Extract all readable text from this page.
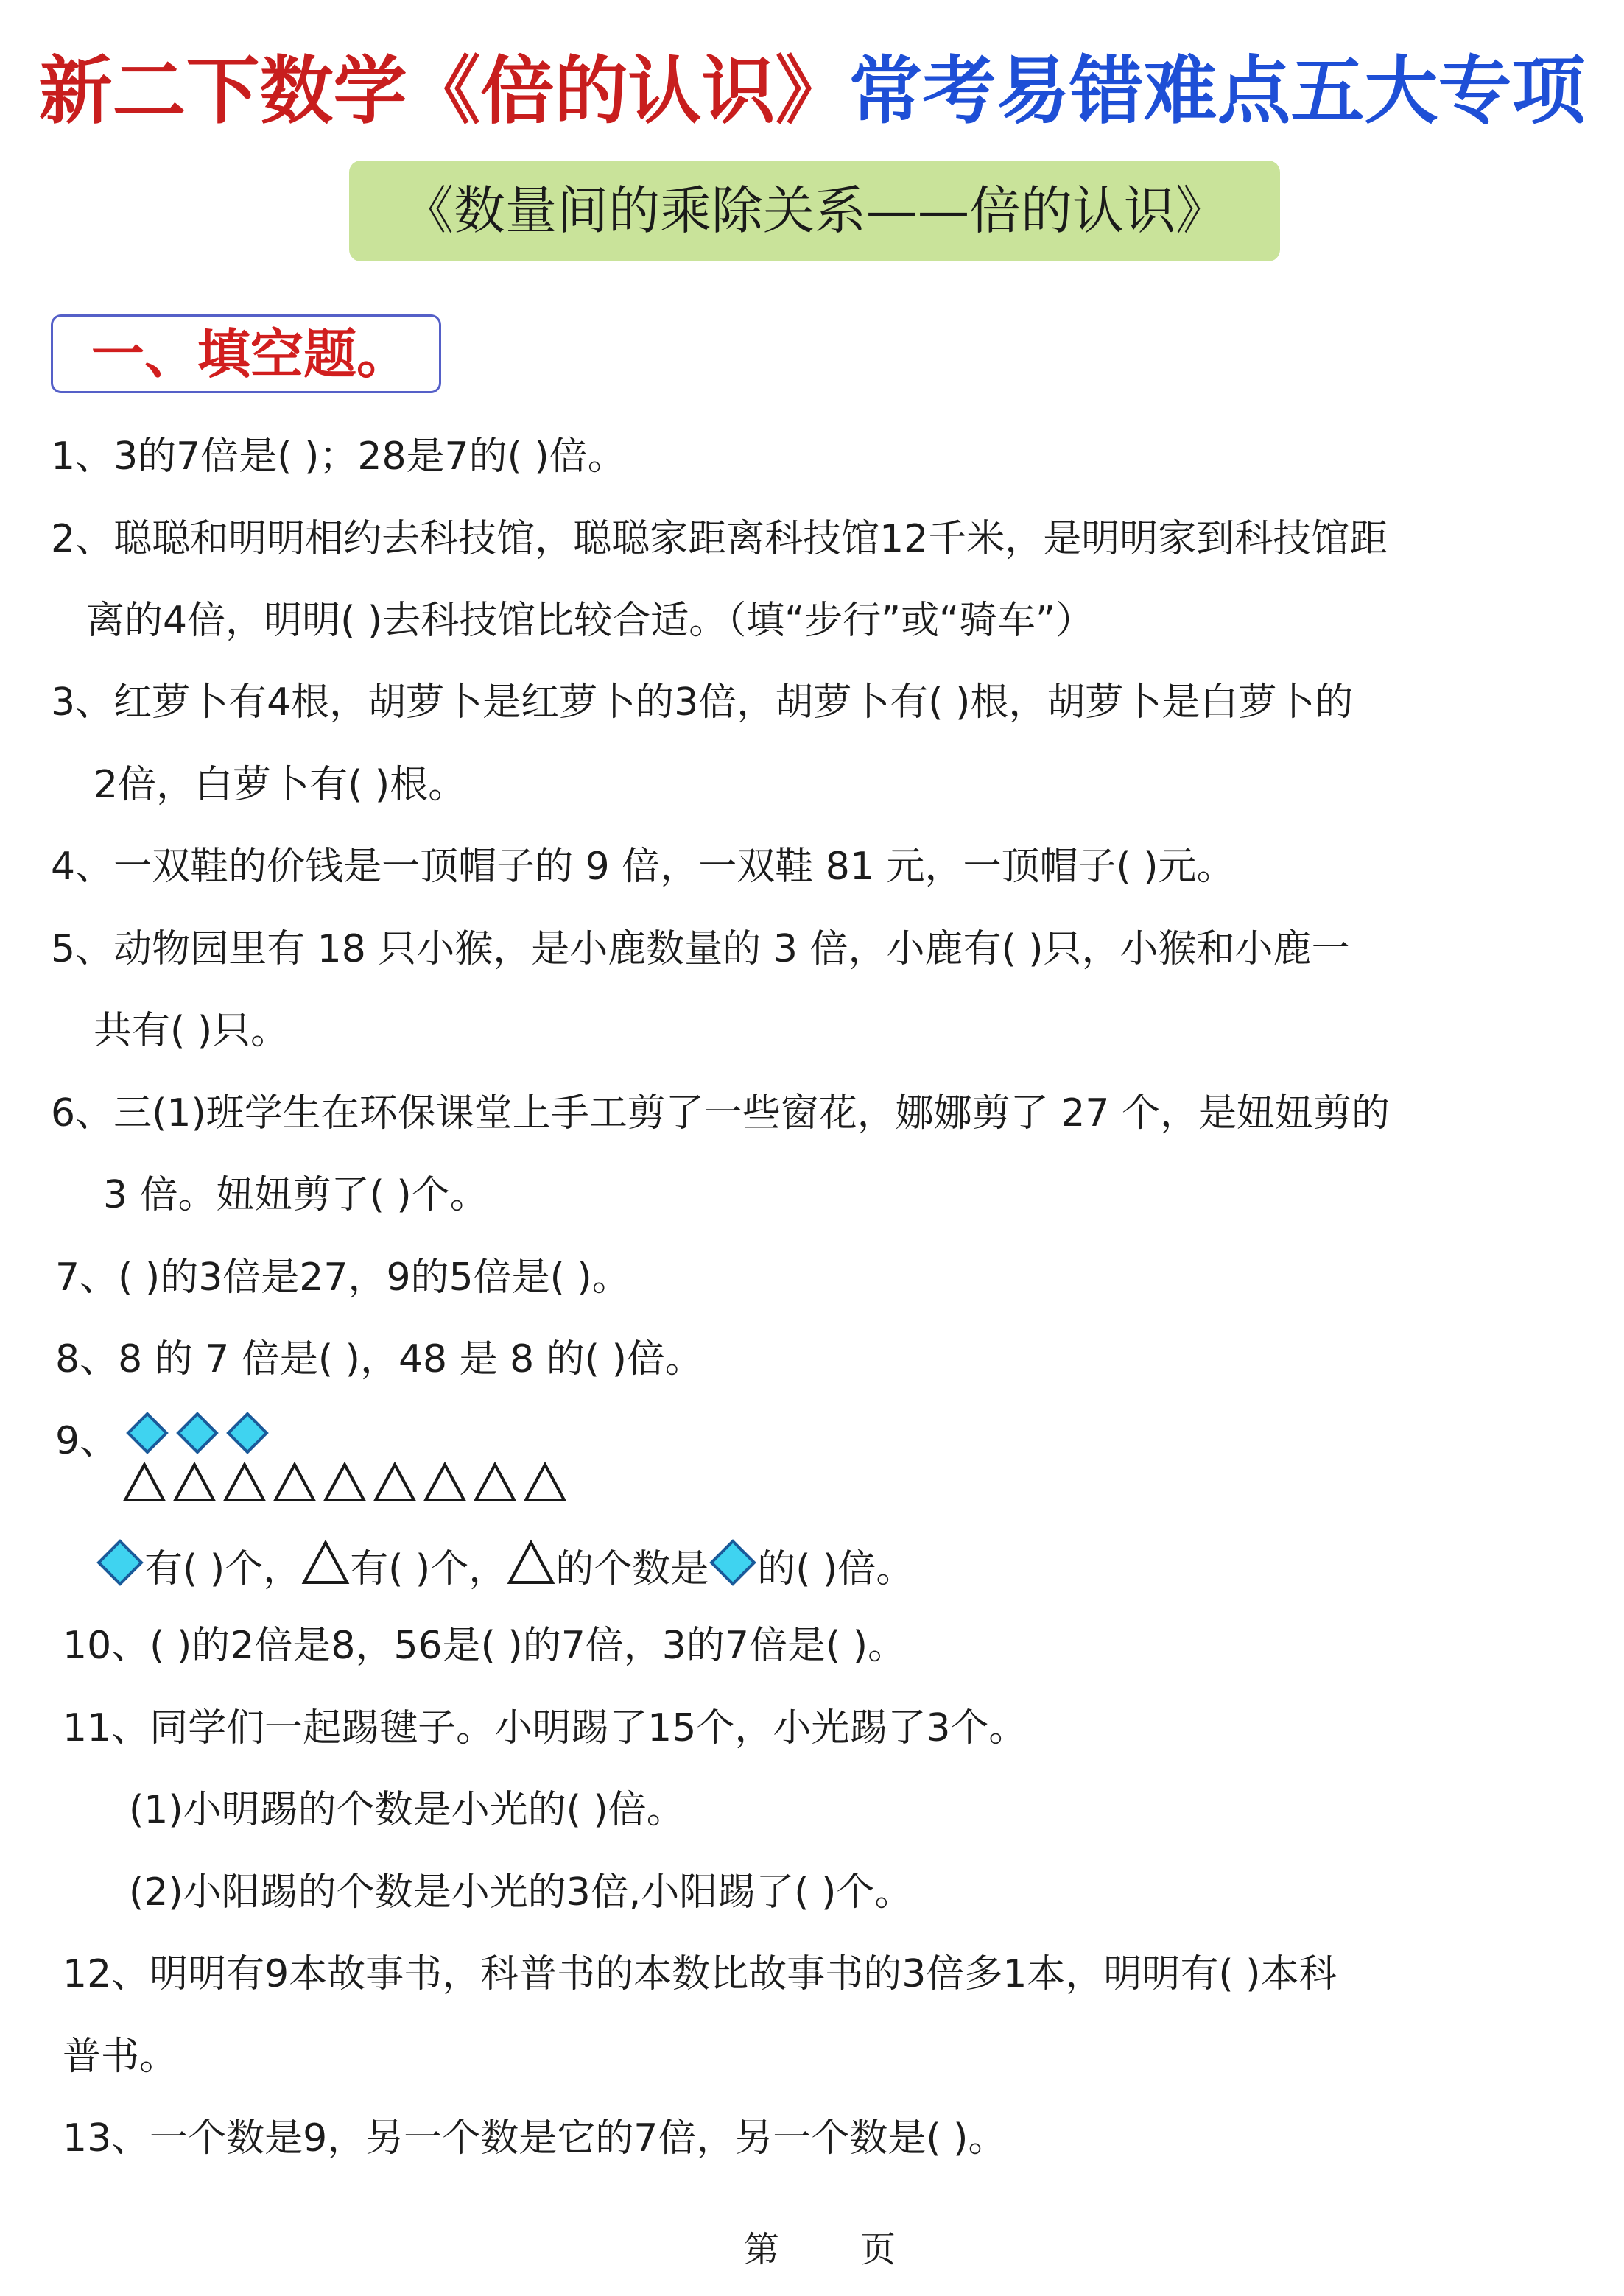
新二下数学《倍的认识》常考易错难点五大专项
《数量间的乘除关系——倍的认识》
一、填空题。
1、3的7倍是( )；28是7的( )倍。
2、聪聪和明明相约去科技馆，聪聪家距离科技馆12千米，是明明家到科技馆距
离的4倍，明明( )去科技馆比较合适。（填“步行”或“骑车”）
3、红萝卜有4根，胡萝卜是红萝卜的3倍，胡萝卜有( )根，胡萝卜是白萝卜的
2倍，白萝卜有( )根。
4、一双鞋的价钱是一顶帽子的 9 倍，一双鞋 81 元，一顶帽子( )元。
5、动物园里有 18 只小猴，是小鹿数量的 3 倍，小鹿有( )只，小猴和小鹿一
共有( )只。
6、三(1)班学生在环保课堂上手工剪了一些窗花，娜娜剪了 27 个，是妞妞剪的
3 倍。妞妞剪了( )个。
7、( )的3倍是27，9的5倍是( )。
8、8 的 7 倍是( )，48 是 8 的( )倍。
9、
有( )个， 有( )个，的个数是的( )倍。
10、( )的2倍是8，56是( )的7倍，3的7倍是( )。
11、同学们一起踢毽子。小明踢了15个，小光踢了3个。
(1)小明踢的个数是小光的( )倍。
(2)小阳踢的个数是小光的3倍,小阳踢了( )个。
12、明明有9本故事书，科普书的本数比故事书的3倍多1本，明明有( )本科
普书。
13、一个数是9，另一个数是它的7倍，另一个数是( )。
第 页
